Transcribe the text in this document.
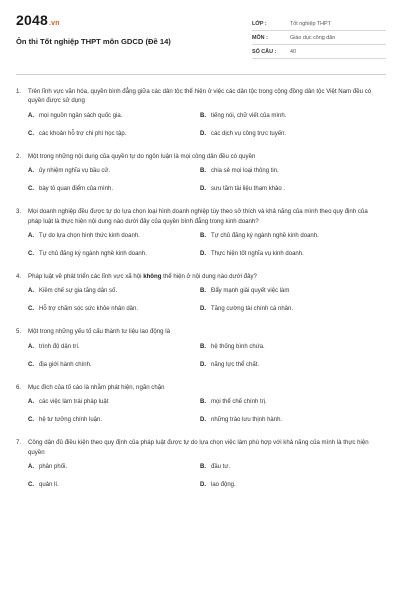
2048.vn
Ôn thi Tốt nghiệp THPT môn GDCD (Đề 14)
LỚP :	Tốt nghiệp THPT
MÔN :	Giáo dục công dân
SỐ CÂU :	40
1.	Trên lĩnh vực văn hóa, quyền bình đẳng giữa các dân tộc thể hiện ở việc các dân tộc trong cộng đồng dân tộc Việt Nam đều có quyền được sử dụng
A. mọi nguồn ngân sách quốc gia.	B. tiếng nói, chữ viết của mình.
C. các khoản hỗ trợ chi phí học tập.	D. các dịch vụ công trực tuyến.
2.	Một trong những nội dung của quyền tự do ngôn luận là mọi công dân đều có quyền
A. ủy nhiệm nghĩa vụ bầu cử.	B. chia sẻ mọi loại thông tin.
C. bày tỏ quan điểm của mình.	D. sưu tầm tài liệu tham khảo .
3.	Mọi doanh nghiệp đều được tự do lựa chọn loại hình doanh nghiệp tùy theo sở thích và khả năng của mình theo quy định của pháp luật là thực hiện nội dung nào dưới đây của quyền bình đẳng trong kinh doanh?
A. Tự do lựa chọn hình thức kinh doanh.	B. Tự chủ đăng ký ngành nghề kinh doanh.
C. Tự chủ đăng ký ngành nghề kinh doanh.	D. Thực hiện tốt nghĩa vụ kinh doanh.
4.	Pháp luật về phát triển các lĩnh vực xã hội không thể hiện ở nội dung nào dưới đây?
A. Kiềm chế sự gia tăng dân số.	B. Đẩy mạnh giải quyết việc làm
C. Hỗ trợ chăm sóc sức khỏe nhân dân.	D. Tăng cường tài chính cá nhân.
5.	Một trong những yếu tố cấu thành tư liệu lao động là
A. trình độ dân trí.	B. hệ thống bình chứa.
C. địa giới hành chính.	D. năng lực thể chất.
6.	Mục đích của tố cáo là nhằm phát hiện, ngăn chặn
A. các việc làm trái pháp luật	B. mọi thể chế chính trị.
C. hệ tư tưởng chính luận.	D. những trào lưu thịnh hành.
7.	Công dân đủ điều kiện theo quy định của pháp luật được tự do lựa chọn việc làm phù hợp với khả năng của mình là thực hiện quyền
A. phân phối.	B. đầu tư.
C. quản lí.	D. lao động.
